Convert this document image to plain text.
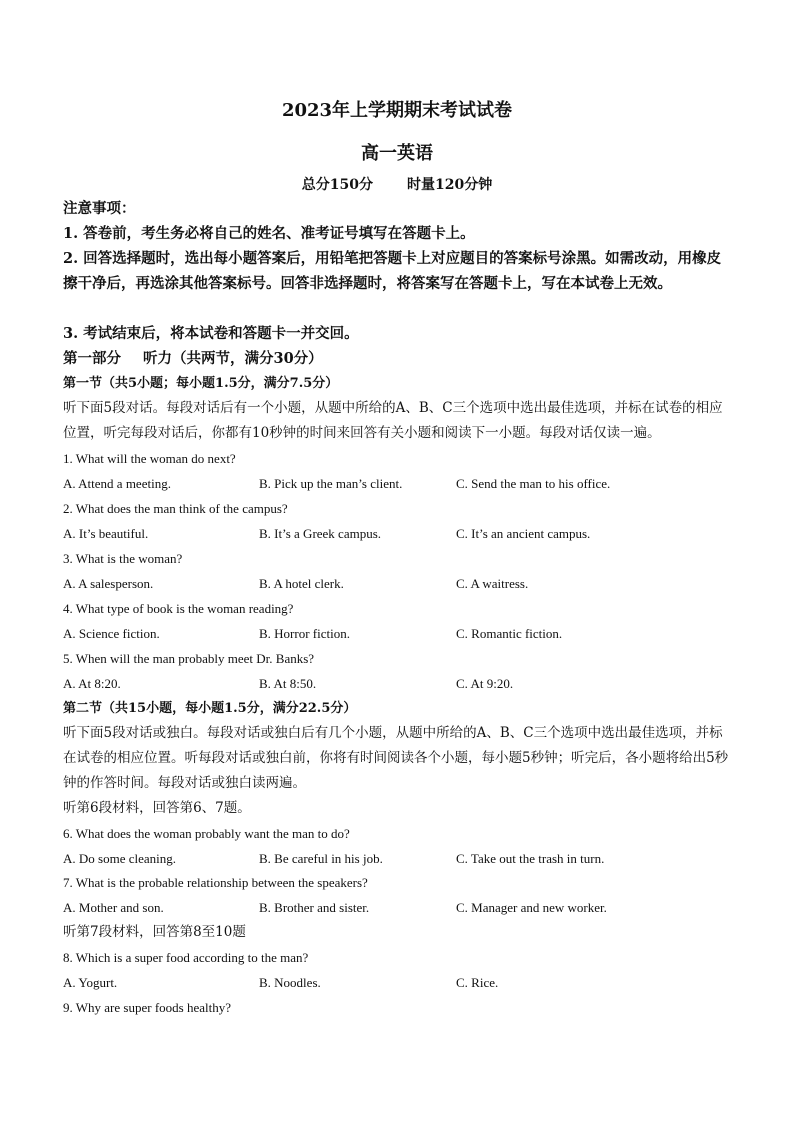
2023年上学期期末考试试卷
高一英语
总分150分 时量120分钟
注意事项：
1. 答卷前，考生务必将自己的姓名、准考证号填写在答题卡上。
2. 回答选择题时，选出每小题答案后，用铅笔把答题卡上对应题目的答案标号涂黑。如需改动，用橡皮擦干净后，再选涂其他答案标号。回答非选择题时，将答案写在答题卡上，写在本试卷上无效。
3. 考试结束后，将本试卷和答题卡一并交回。
第一部分 听力（共两节，满分30分）
第一节（共5小题；每小题1.5分，满分7.5分）
听下面5段对话。每段对话后有一个小题，从题中所给的A、B、C三个选项中选出最佳选项，并标在试卷的相应位置，听完每段对话后，你都有10秒钟的时间来回答有关小题和阅读下一小题。每段对话仅读一遍。
1. What will the woman do next?
A. Attend a meeting.	B. Pick up the man’s client.	C. Send the man to his office.
2. What does the man think of the campus?
A. It’s beautiful.	B. It’s a Greek campus.	C. It’s an ancient campus.
3. What is the woman?
A. A salesperson.	B. A hotel clerk.	C. A waitress.
4. What type of book is the woman reading?
A. Science fiction.	B. Horror fiction.	C. Romantic fiction.
5. When will the man probably meet Dr. Banks?
A. At 8:20.	B. At 8:50.	C. At 9:20.
第二节（共15小题，每小题1.5分，满分22.5分）
听下面5段对话或独白。每段对话或独白后有几个小题，从题中所给的A、B、C三个选项中选出最佳选项，并标在试卷的相应位置。听每段对话或独白前，你将有时间阅读各个小题，每小题5秒钟；听完后，各小题将给出5秒钟的作答时间。每段对话或独白读两遍。
听第6段材料，回答第6、7题。
6. What does the woman probably want the man to do?
A. Do some cleaning.	B. Be careful in his job.	C. Take out the trash in turn.
7. What is the probable relationship between the speakers?
A. Mother and son.	B. Brother and sister.	C. Manager and new worker.
听第7段材料，回答第8至10题
8. Which is a super food according to the man?
A. Yogurt.	B. Noodles.	C. Rice.
9. Why are super foods healthy?
